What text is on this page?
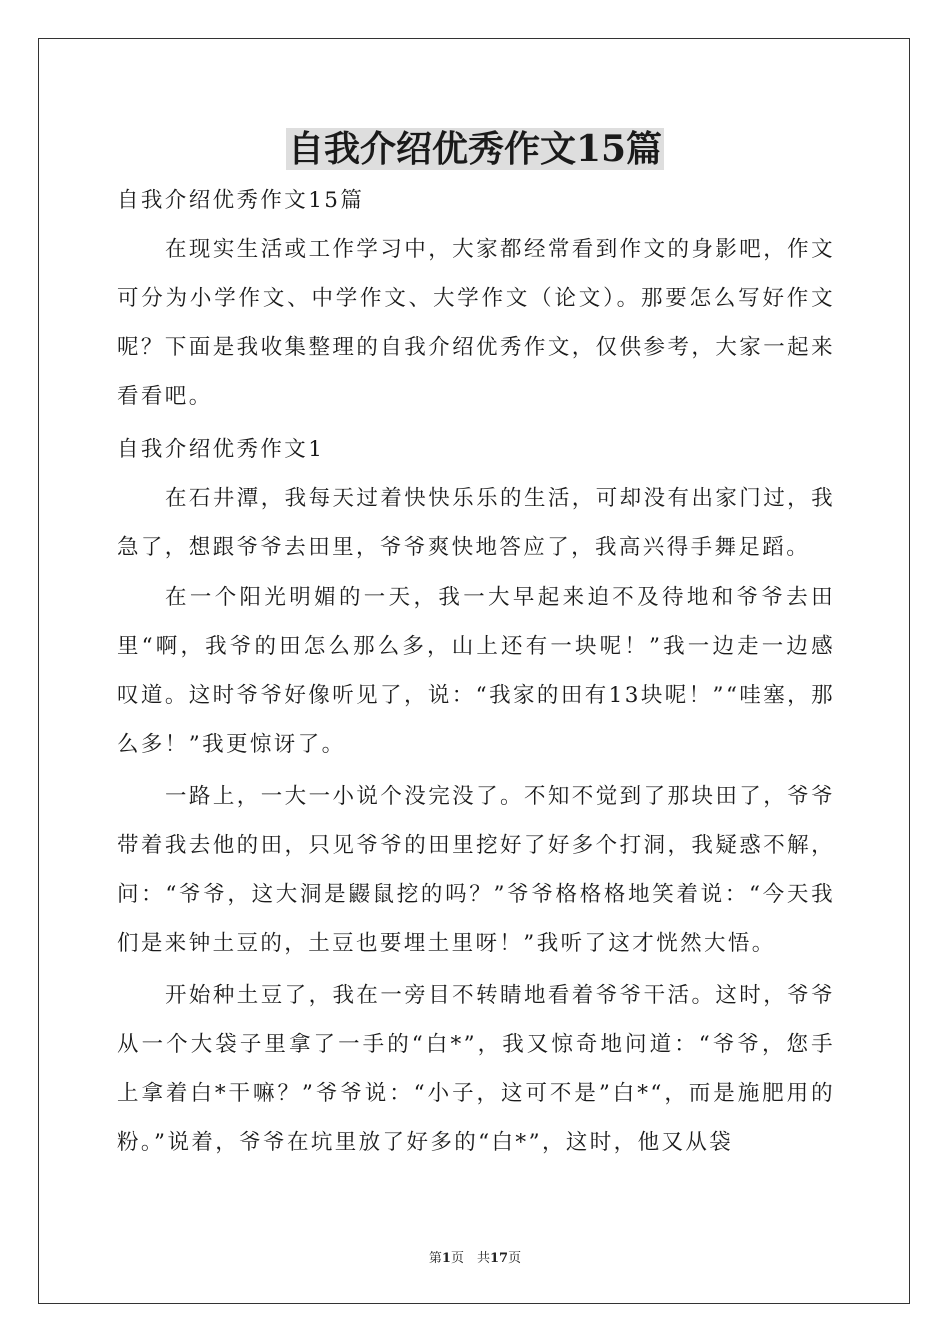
自我介绍优秀作文15篇

自我介绍优秀作文15篇

在现实生活或工作学习中，大家都经常看到作文的身影吧，作文可分为小学作文、中学作文、大学作文（论文）。那要怎么写好作文呢？下面是我收集整理的自我介绍优秀作文，仅供参考，大家一起来看看吧。

自我介绍优秀作文1

在石井潭，我每天过着快快乐乐的生活，可却没有出家门过，我急了，想跟爷爷去田里，爷爷爽快地答应了，我高兴得手舞足蹈。

在一个阳光明媚的一天，我一大早起来迫不及待地和爷爷去田里“啊，我爷的田怎么那么多，山上还有一块呢！”我一边走一边感叹道。这时爷爷好像听见了，说：“我家的田有13块呢！”“哇塞，那么多！”我更惊讶了。

一路上，一大一小说个没完没了。不知不觉到了那块田了，爷爷带着我去他的田，只见爷爷的田里挖好了好多个打洞，我疑惑不解，问：“爷爷，这大洞是鼹鼠挖的吗？”爷爷格格格地笑着说：“今天我们是来钟土豆的，土豆也要埋土里呀！”我听了这才恍然大悟。

开始种土豆了，我在一旁目不转睛地看着爷爷干活。这时，爷爷从一个大袋子里拿了一手的“白*”，我又惊奇地问道：“爷爷，您手上拿着白*干嘛？”爷爷说：“小子，这可不是”白*“，而是施肥用的粉。”说着，爷爷在坑里放了好多的“白*”，这时，他又从袋

第1页　共17页
